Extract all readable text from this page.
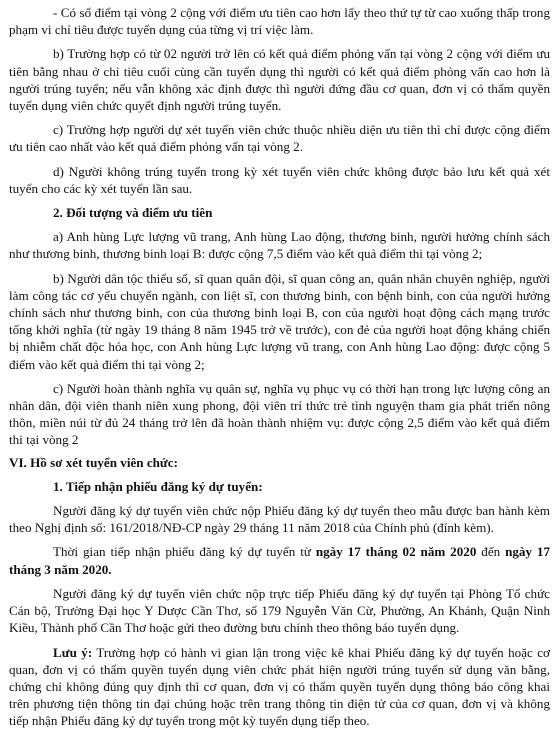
- Có số điểm tại vòng 2 cộng với điểm ưu tiên cao hơn lấy theo thứ tự từ cao xuống thấp trong phạm vi chỉ tiêu được tuyển dụng của từng vị trí việc làm.

b) Trường hợp có từ 02 người trở lên có kết quả điểm phỏng vấn tại vòng 2 cộng với điểm ưu tiên bằng nhau ở chỉ tiêu cuối cùng cần tuyển dụng thì người có kết quả điểm phỏng vấn cao hơn là người trúng tuyển; nếu vẫn không xác định được thì người đứng đầu cơ quan, đơn vị có thẩm quyền tuyển dụng viên chức quyết định người trúng tuyển.

c) Trường hợp người dự xét tuyển viên chức thuộc nhiều diện ưu tiên thì chỉ được cộng điểm ưu tiên cao nhất vào kết quả điểm phỏng vấn tại vòng 2.

d) Người không trúng tuyển trong kỳ xét tuyển viên chức không được bảo lưu kết quả xét tuyển cho các kỳ xét tuyển lần sau.

2. Đối tượng và điểm ưu tiên

a) Anh hùng Lực lượng vũ trang, Anh hùng Lao động, thương binh, người hưởng chính sách như thương binh, thương binh loại B: được cộng 7,5 điểm vào kết quả điểm thi tại vòng 2;

b) Người dân tộc thiểu số, sĩ quan quân đội, sĩ quan công an, quân nhân chuyên nghiệp, người làm công tác cơ yếu chuyển ngành, con liệt sĩ, con thương binh, con bệnh binh, con của người hưởng chính sách như thương binh, con của thương binh loại B, con của người hoạt động cách mạng trước tổng khởi nghĩa (từ ngày 19 tháng 8 năm 1945 trở về trước), con đẻ của người hoạt động kháng chiến bị nhiễm chất độc hóa học, con Anh hùng Lực lượng vũ trang, con Anh hùng Lao động: được cộng 5 điểm vào kết quả điểm thi tại vòng 2;

c) Người hoàn thành nghĩa vụ quân sự, nghĩa vụ phục vụ có thời hạn trong lực lượng công an nhân dân, đội viên thanh niên xung phong, đội viên trí thức trẻ tình nguyện tham gia phát triển nông thôn, miền núi từ đủ 24 tháng trở lên đã hoàn thành nhiệm vụ: được cộng 2,5 điểm vào kết quả điểm thi tại vòng 2

VI. Hồ sơ xét tuyển viên chức:

1. Tiếp nhận phiếu đăng ký dự tuyển:

Người đăng ký dự tuyển viên chức nộp Phiếu đăng ký dự tuyển theo mẫu được ban hành kèm theo Nghị định số: 161/2018/NĐ-CP ngày 29 tháng 11 năm 2018 của Chính phủ (đính kèm).

Thời gian tiếp nhận phiếu đăng ký dự tuyển từ ngày 17 tháng 02 năm 2020 đến ngày 17 tháng 3 năm 2020.

Người đăng ký dự tuyển viên chức nộp trực tiếp Phiếu đăng ký dự tuyển tại Phòng Tổ chức Cán bộ, Trường Đại học Y Dược Cần Thơ, số 179 Nguyễn Văn Cừ, Phường, An Khánh, Quận Ninh Kiều, Thành phố Cần Thơ hoặc gửi theo đường bưu chính theo thông báo tuyển dụng.

Lưu ý: Trường hợp có hành vi gian lận trong việc kê khai Phiếu đăng ký dự tuyển hoặc cơ quan, đơn vị có thẩm quyền tuyển dụng viên chức phát hiện người trúng tuyển sử dụng văn bằng, chứng chỉ không đúng quy định thì cơ quan, đơn vị có thẩm quyền tuyển dụng thông báo công khai trên phương tiện thông tin đại chúng hoặc trên trang thông tin điện tử của cơ quan, đơn vị và không tiếp nhận Phiếu đăng ký dự tuyển trong một kỳ tuyển dụng tiếp theo.
